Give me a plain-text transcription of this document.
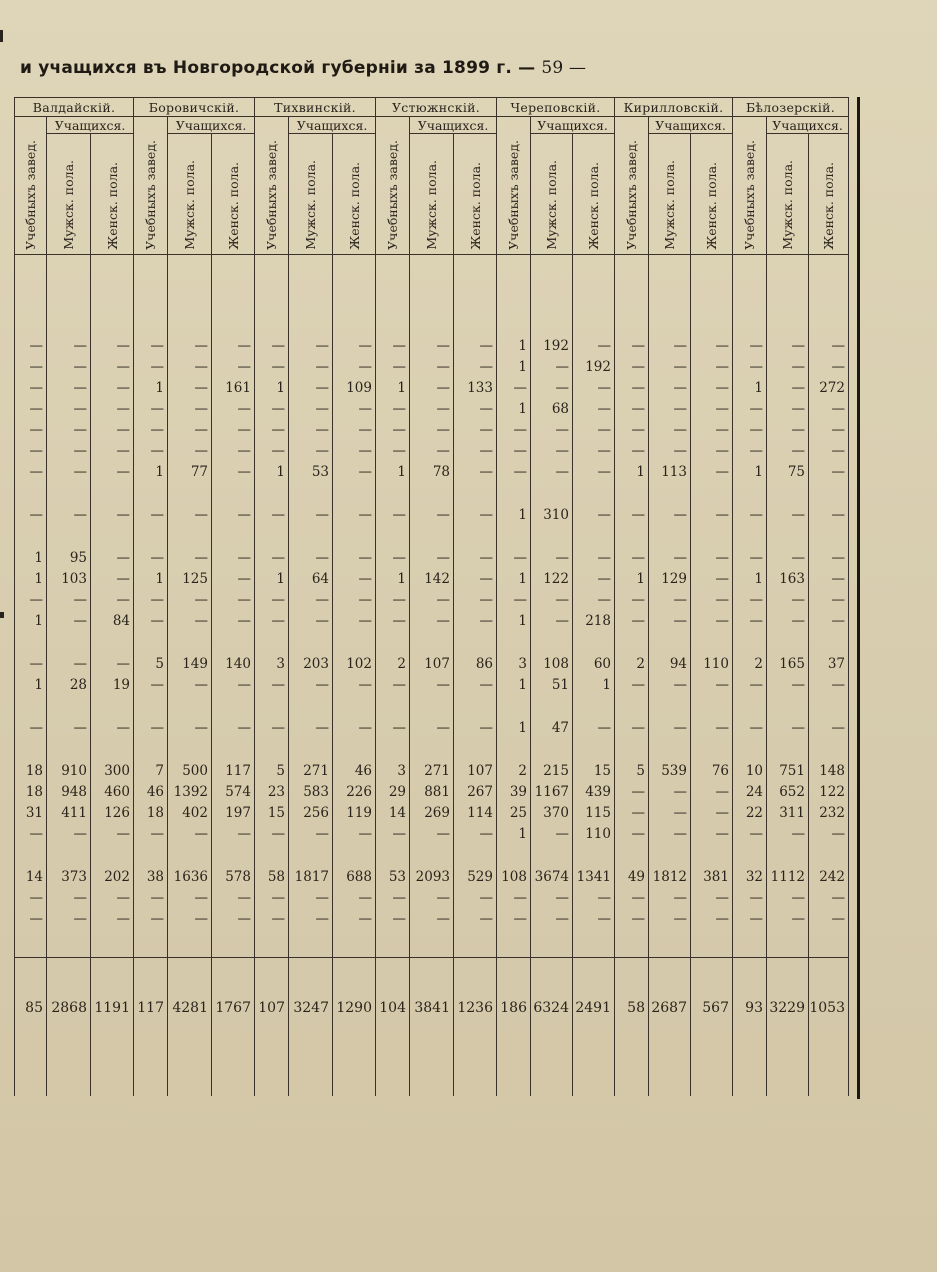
и учащихся въ Новгородской губерніи за 1899 г. — 59 —
Валдайскій.			Боровичскій.			Тихвинскій.			Устюжнскій.			Череповскій.			Кирилловскій.			Бѣлозерскій.		
Учебныхъ завед.	Учащихся.		Учебныхъ завед.	Учащихся.		Учебныхъ завед.	Учащихся.		Учебныхъ завед.	Учащихся.		Учебныхъ завед.	Учащихся.		Учебныхъ завед.	Учащихся.		Учебныхъ завед.	Учащихся.	
	Мужск. пола.	Женск. пола.		Мужск. пола.	Женск. пола.		Мужск. пола.	Женск. пола.		Мужск. пола.	Женск. пола.		Мужск. пола.	Женск. пола.		Мужск. пола.	Женск. пола.		Мужск. пола.	Женск. пола.

—	—	—	—	—	—	—	—	—	—	—	—	1	192	—	—	—	—	—	—	—
—	—	—	—	—	—	—	—	—	—	—	—	1	—	192	—	—	—	—	—	—
—	—	—	1	—	161	1	—	109	1	—	133	—	—	—	—	—	—	1	—	272
—	—	—	—	—	—	—	—	—	—	—	—	1	68	—	—	—	—	—	—	—
—	—	—	—	—	—	—	—	—	—	—	—	—	—	—	—	—	—	—	—	—
—	—	—	—	—	—	—	—	—	—	—	—	—	—	—	—	—	—	—	—	—
—	—	—	1	77	—	1	53	—	1	78	—	—	—	—	1	113	—	1	75	—

—	—	—	—	—	—	—	—	—	—	—	—	1	310	—	—	—	—	—	—	—

1	95	—	—	—	—	—	—	—	—	—	—	—	—	—	—	—	—	—	—	—
1	103	—	1	125	—	1	64	—	1	142	—	1	122	—	1	129	—	1	163	—
—	—	—	—	—	—	—	—	—	—	—	—	—	—	—	—	—	—	—	—	—
1	—	84	—	—	—	—	—	—	—	—	—	1	—	218	—	—	—	—	—	—

—	—	—	5	149	140	3	203	102	2	107	86	3	108	60	2	94	110	2	165	37
1	28	19	—	—	—	—	—	—	—	—	—	1	51	1	—	—	—	—	—	—

—	—	—	—	—	—	—	—	—	—	—	—	1	47	—	—	—	—	—	—	—

18	910	300	7	500	117	5	271	46	3	271	107	2	215	15	5	539	76	10	751	148
18	948	460	46	1392	574	23	583	226	29	881	267	39	1167	439	—	—	—	24	652	122
31	411	126	18	402	197	15	256	119	14	269	114	25	370	115	—	—	—	22	311	232
—	—	—	—	—	—	—	—	—	—	—	—	1	—	110	—	—	—	—	—	—

14	373	202	38	1636	578	58	1817	688	53	2093	529	108	3674	1341	49	1812	381	32	1112	242
—	—	—	—	—	—	—	—	—	—	—	—	—	—	—	—	—	—	—	—	—
—	—	—	—	—	—	—	—	—	—	—	—	—	—	—	—	—	—	—	—	—

85	2868	1191	117	4281	1767	107	3247	1290	104	3841	1236	186	6324	2491	58	2687	567	93	3229	1053
